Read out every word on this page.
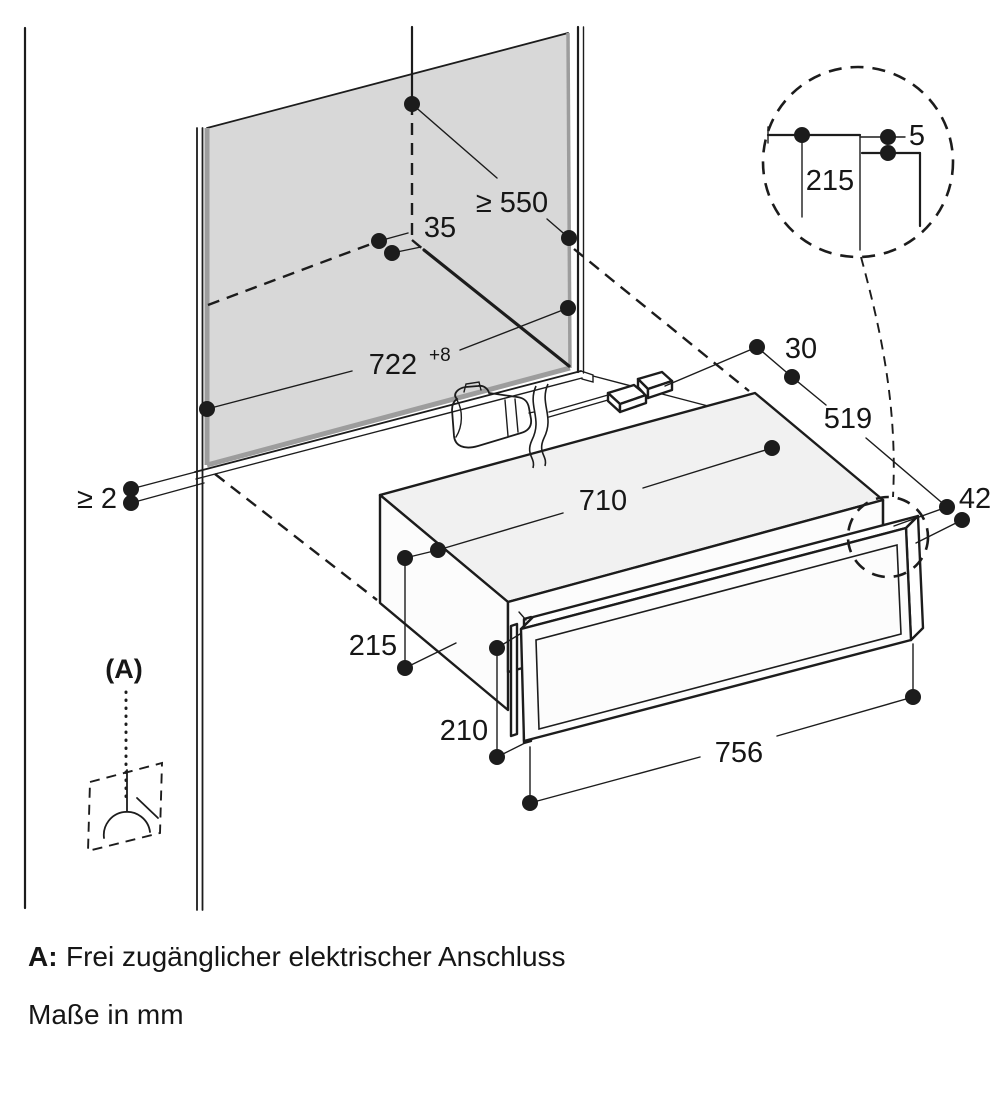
215
5
≥ 550
35
722 +8
≥ 2
30
519
42
710
215
210
756
(A)
A: Frei zugänglicher elektrischer Anschluss
Maße in mm
